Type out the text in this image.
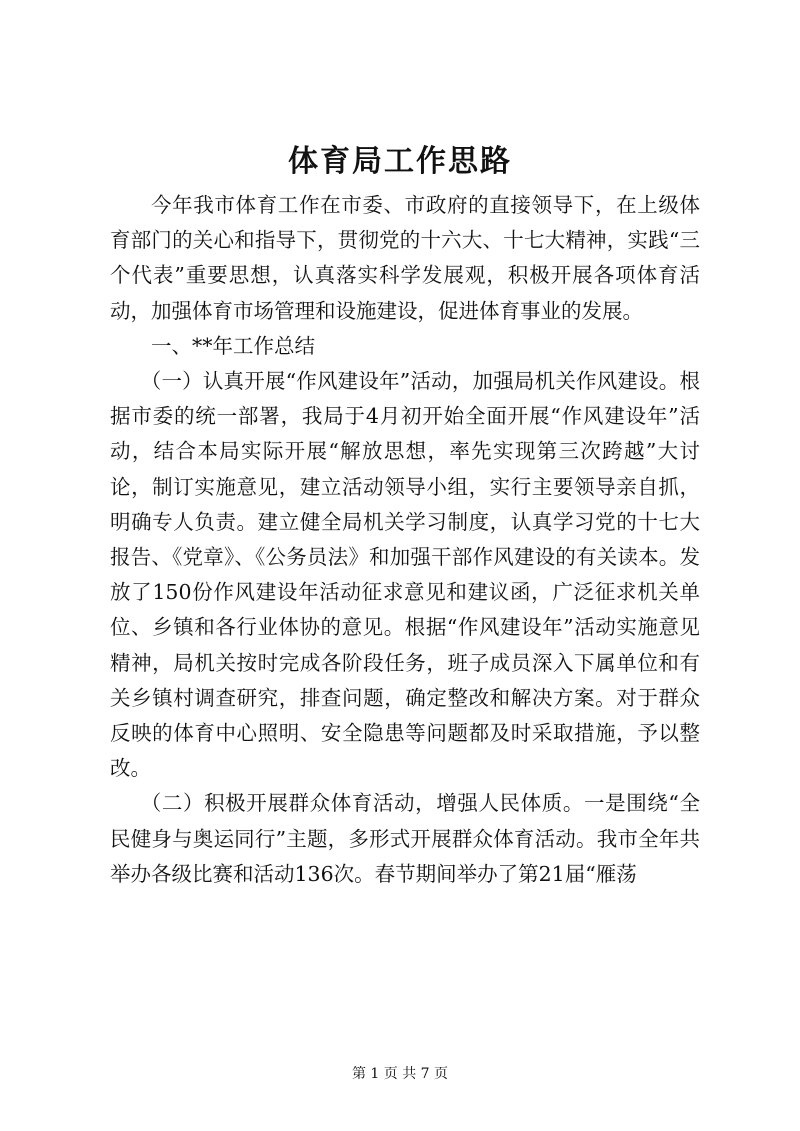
体育局工作思路

今年我市体育工作在市委、市政府的直接领导下，在上级体育部门的关心和指导下，贯彻党的十六大、十七大精神，实践“三个代表”重要思想，认真落实科学发展观，积极开展各项体育活动，加强体育市场管理和设施建设，促进体育事业的发展。

一、**年工作总结

（一）认真开展“作风建设年”活动，加强局机关作风建设。根据市委的统一部署，我局于4月初开始全面开展“作风建设年”活动，结合本局实际开展“解放思想，率先实现第三次跨越”大讨论，制订实施意见，建立活动领导小组，实行主要领导亲自抓，明确专人负责。建立健全局机关学习制度，认真学习党的十七大报告、《党章》、《公务员法》和加强干部作风建设的有关读本。发放了150份作风建设年活动征求意见和建议函，广泛征求机关单位、乡镇和各行业体协的意见。根据“作风建设年”活动实施意见精神，局机关按时完成各阶段任务，班子成员深入下属单位和有关乡镇村调查研究，排查问题，确定整改和解决方案。对于群众反映的体育中心照明、安全隐患等问题都及时采取措施，予以整改。

（二）积极开展群众体育活动，增强人民体质。一是围绕“全民健身与奥运同行”主题，多形式开展群众体育活动。我市全年共举办各级比赛和活动136次。春节期间举办了第21届“雁荡

第 1 页 共 7 页
